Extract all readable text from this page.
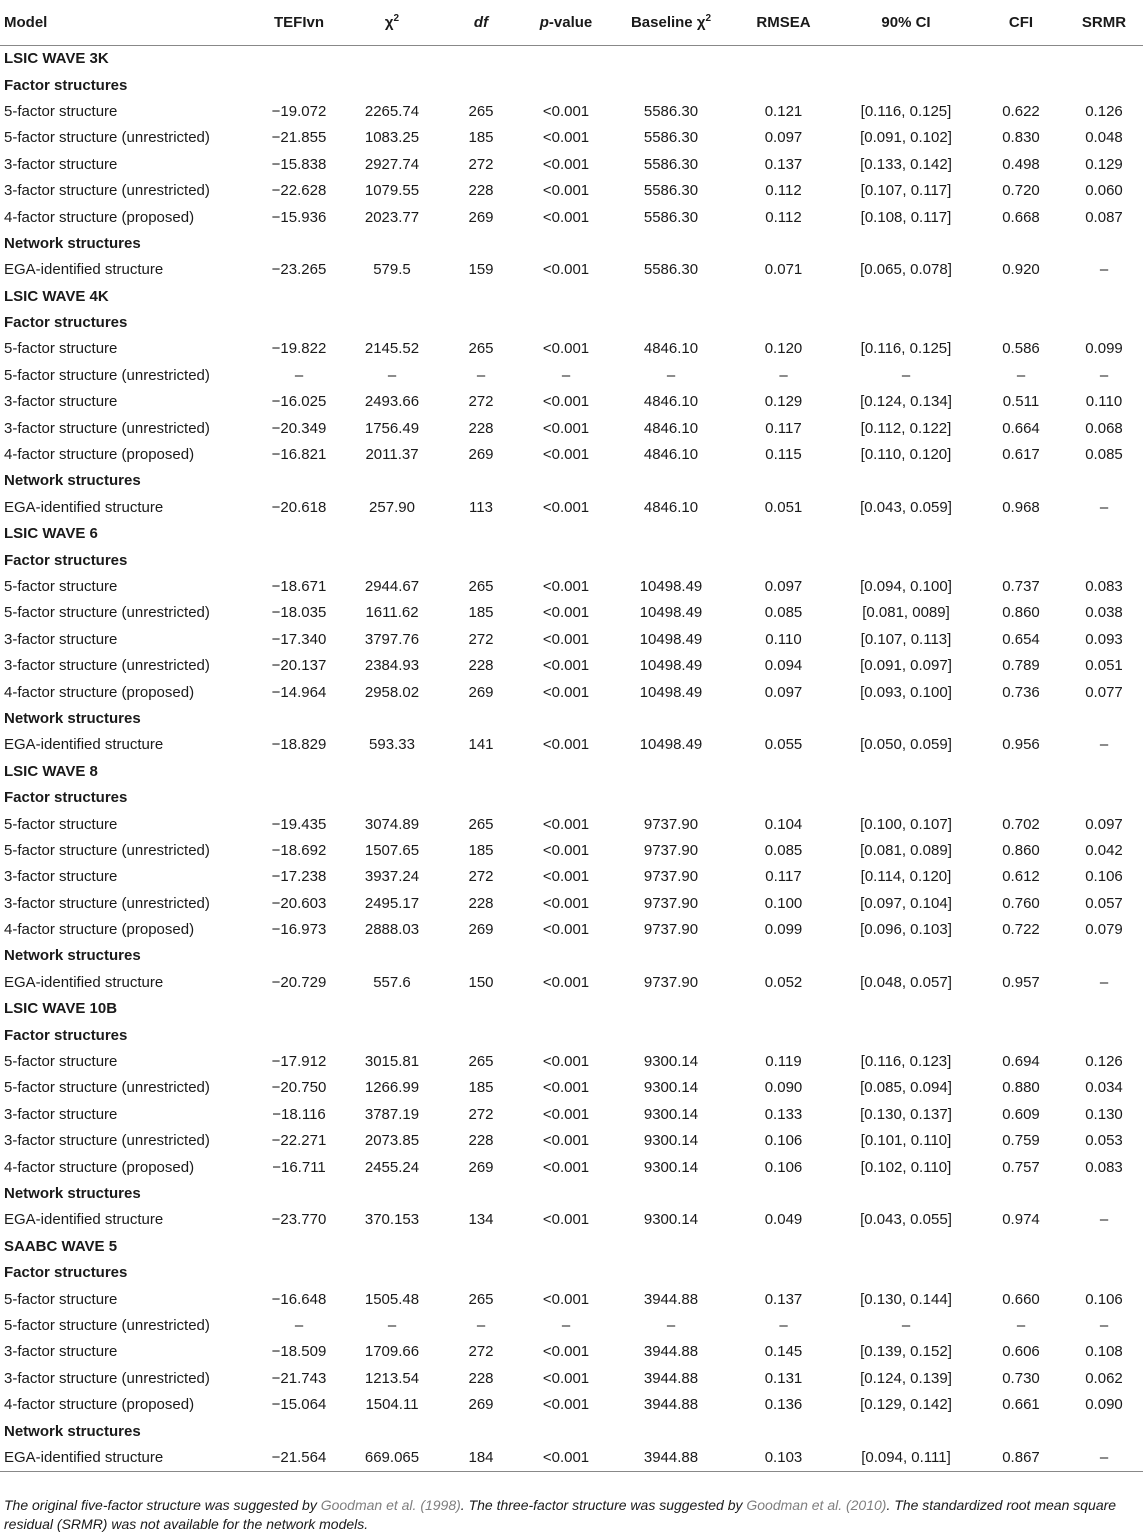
Model	TEFIvn	$\chi^2$	df	p-value	Baseline $\chi^2$	RMSEA	90% CI	CFI	SRMR
LSIC WAVE 3K									
Factor structures									
5-factor structure	−19.072	2265.74	265	<0.001	5586.30	0.121	[0.116, 0.125]	0.622	0.126
5-factor structure (unrestricted)	−21.855	1083.25	185	<0.001	5586.30	0.097	[0.091, 0.102]	0.830	0.048
3-factor structure	−15.838	2927.74	272	<0.001	5586.30	0.137	[0.133, 0.142]	0.498	0.129
3-factor structure (unrestricted)	−22.628	1079.55	228	<0.001	5586.30	0.112	[0.107, 0.117]	0.720	0.060
4-factor structure (proposed)	−15.936	2023.77	269	<0.001	5586.30	0.112	[0.108, 0.117]	0.668	0.087
Network structures									
EGA-identified structure	−23.265	579.5	159	<0.001	5586.30	0.071	[0.065, 0.078]	0.920	–
LSIC WAVE 4K									
Factor structures									
5-factor structure	−19.822	2145.52	265	<0.001	4846.10	0.120	[0.116, 0.125]	0.586	0.099
5-factor structure (unrestricted)	–	–	–	–	–	–	–	–	–
3-factor structure	−16.025	2493.66	272	<0.001	4846.10	0.129	[0.124, 0.134]	0.511	0.110
3-factor structure (unrestricted)	−20.349	1756.49	228	<0.001	4846.10	0.117	[0.112, 0.122]	0.664	0.068
4-factor structure (proposed)	−16.821	2011.37	269	<0.001	4846.10	0.115	[0.110, 0.120]	0.617	0.085
Network structures									
EGA-identified structure	−20.618	257.90	113	<0.001	4846.10	0.051	[0.043, 0.059]	0.968	–
LSIC WAVE 6									
Factor structures									
5-factor structure	−18.671	2944.67	265	<0.001	10498.49	0.097	[0.094, 0.100]	0.737	0.083
5-factor structure (unrestricted)	−18.035	1611.62	185	<0.001	10498.49	0.085	[0.081, 0089]	0.860	0.038
3-factor structure	−17.340	3797.76	272	<0.001	10498.49	0.110	[0.107, 0.113]	0.654	0.093
3-factor structure (unrestricted)	−20.137	2384.93	228	<0.001	10498.49	0.094	[0.091, 0.097]	0.789	0.051
4-factor structure (proposed)	−14.964	2958.02	269	<0.001	10498.49	0.097	[0.093, 0.100]	0.736	0.077
Network structures									
EGA-identified structure	−18.829	593.33	141	<0.001	10498.49	0.055	[0.050, 0.059]	0.956	–
LSIC WAVE 8									
Factor structures									
5-factor structure	−19.435	3074.89	265	<0.001	9737.90	0.104	[0.100, 0.107]	0.702	0.097
5-factor structure (unrestricted)	−18.692	1507.65	185	<0.001	9737.90	0.085	[0.081, 0.089]	0.860	0.042
3-factor structure	−17.238	3937.24	272	<0.001	9737.90	0.117	[0.114, 0.120]	0.612	0.106
3-factor structure (unrestricted)	−20.603	2495.17	228	<0.001	9737.90	0.100	[0.097, 0.104]	0.760	0.057
4-factor structure (proposed)	−16.973	2888.03	269	<0.001	9737.90	0.099	[0.096, 0.103]	0.722	0.079
Network structures									
EGA-identified structure	−20.729	557.6	150	<0.001	9737.90	0.052	[0.048, 0.057]	0.957	–
LSIC WAVE 10B									
Factor structures									
5-factor structure	−17.912	3015.81	265	<0.001	9300.14	0.119	[0.116, 0.123]	0.694	0.126
5-factor structure (unrestricted)	−20.750	1266.99	185	<0.001	9300.14	0.090	[0.085, 0.094]	0.880	0.034
3-factor structure	−18.116	3787.19	272	<0.001	9300.14	0.133	[0.130, 0.137]	0.609	0.130
3-factor structure (unrestricted)	−22.271	2073.85	228	<0.001	9300.14	0.106	[0.101, 0.110]	0.759	0.053
4-factor structure (proposed)	−16.711	2455.24	269	<0.001	9300.14	0.106	[0.102, 0.110]	0.757	0.083
Network structures									
EGA-identified structure	−23.770	370.153	134	<0.001	9300.14	0.049	[0.043, 0.055]	0.974	–
SAABC WAVE 5									
Factor structures									
5-factor structure	−16.648	1505.48	265	<0.001	3944.88	0.137	[0.130, 0.144]	0.660	0.106
5-factor structure (unrestricted)	–	–	–	–	–	–	–	–	–
3-factor structure	−18.509	1709.66	272	<0.001	3944.88	0.145	[0.139, 0.152]	0.606	0.108
3-factor structure (unrestricted)	−21.743	1213.54	228	<0.001	3944.88	0.131	[0.124, 0.139]	0.730	0.062
4-factor structure (proposed)	−15.064	1504.11	269	<0.001	3944.88	0.136	[0.129, 0.142]	0.661	0.090
Network structures									
EGA-identified structure	−21.564	669.065	184	<0.001	3944.88	0.103	[0.094, 0.111]	0.867	–
The original five-factor structure was suggested by Goodman et al. (1998). The three-factor structure was suggested by Goodman et al. (2010). The standardized root mean square residual (SRMR) was not available for the network models.
